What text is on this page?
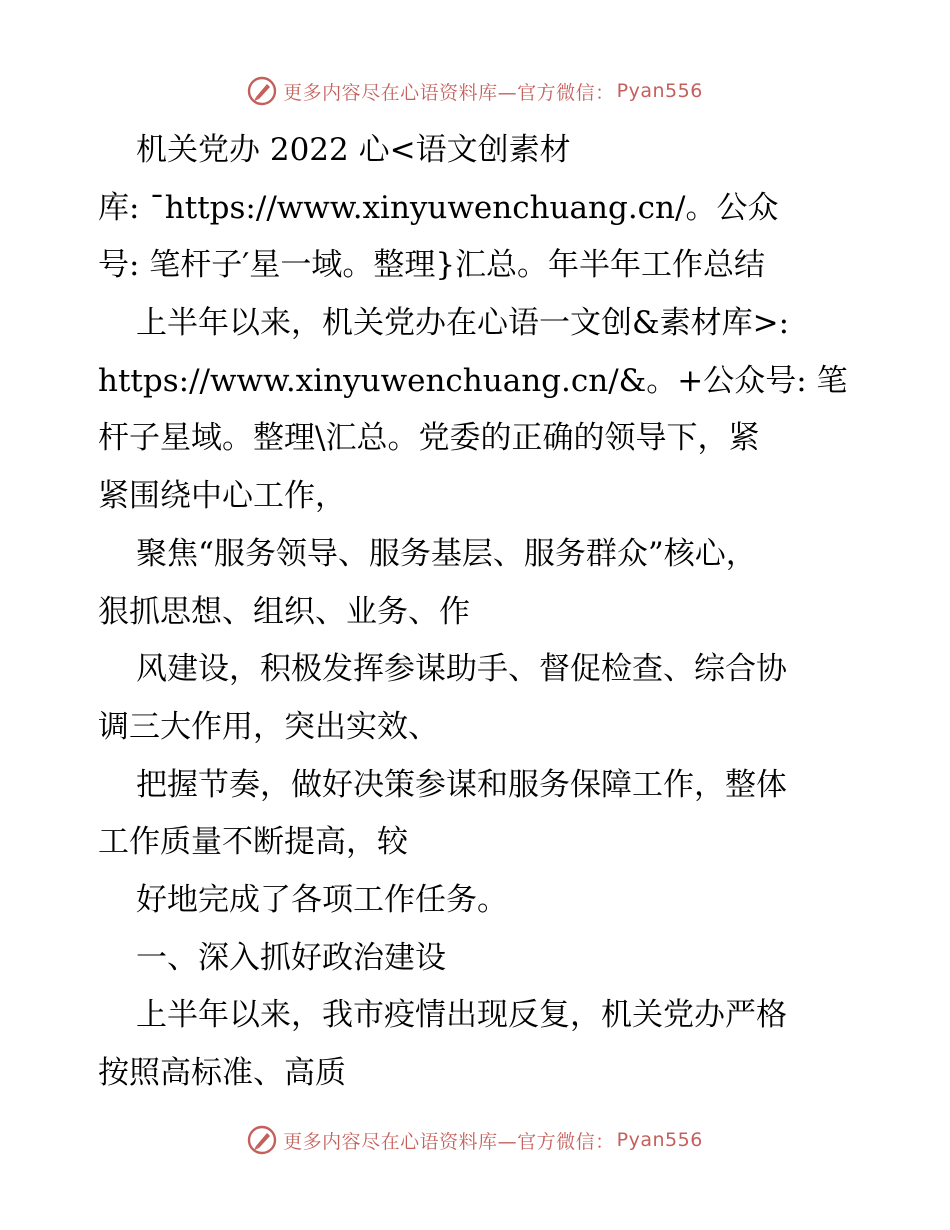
更多内容尽在心语资料库—官方微信： Pyan556
机关党办 2022 心<语文创素材
库: ¯https://www.xinyuwenchuang.cn/。公众
号: 笔杆子′星一域。整理}汇总。年半年工作总结
上半年以来，机关党办在心语一文创&素材库>:
https://www.xinyuwenchuang.cn/&。+公众号: 笔
杆子星域。整理\汇总。党委的正确的领导下，紧
紧围绕中心工作，
聚焦“服务领导、服务基层、服务群众”核心，
狠抓思想、组织、业务、作
风建设，积极发挥参谋助手、督促检查、综合协
调三大作用，突出实效、
把握节奏，做好决策参谋和服务保障工作，整体
工作质量不断提高，较
好地完成了各项工作任务。
一、深入抓好政治建设
上半年以来，我市疫情出现反复，机关党办严格
按照高标准、高质
更多内容尽在心语资料库—官方微信： Pyan556
